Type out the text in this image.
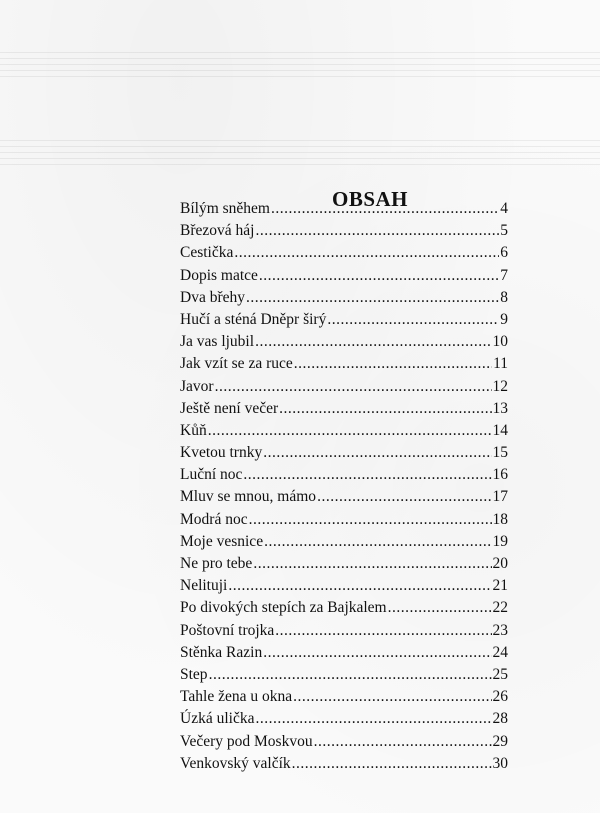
OBSAH
Bílým sněhem .....	4
Březová háj .....	5
Cestička .....	6
Dopis matce .....	7
Dva břehy .....	8
Hučí a sténá Dněpr širý .....	9
Ja vas ljubil .....	10
Jak vzít se za ruce .....	11
Javor .....	12
Ještě není večer .....	13
Kůň .....	14
Kvetou trnky .....	15
Luční noc .....	16
Mluv se mnou, mámo .....	17
Modrá noc .....	18
Moje vesnice .....	19
Ne pro tebe .....	20
Nelituji .....	21
Po divokých stepích za Bajkalem .....	22
Poštovní trojka .....	23
Stěnka Razin .....	24
Step .....	25
Tahle žena u okna .....	26
Úzká ulička .....	28
Večery pod Moskvou .....	29
Venkovský valčík .....	30
